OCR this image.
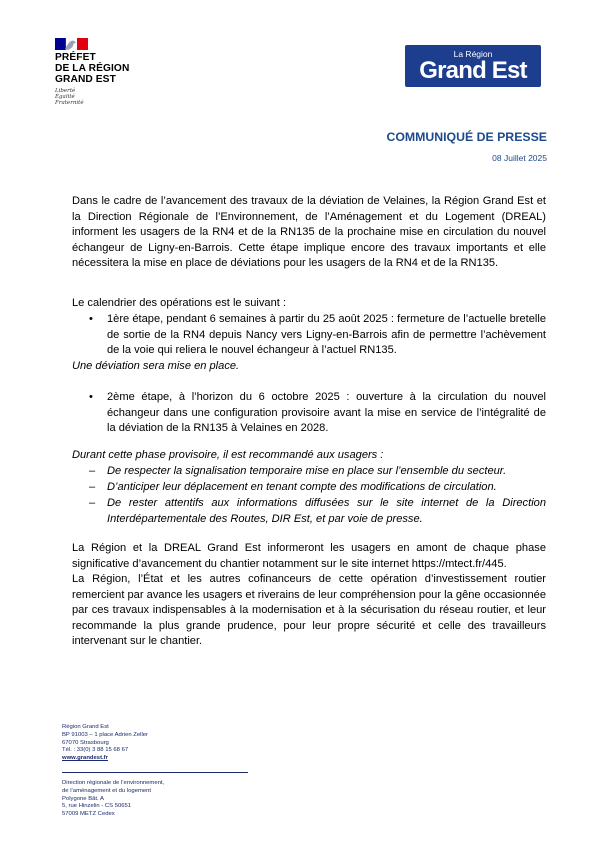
PRÉFET
DE LA RÉGION
GRAND EST
Liberté
Égalité
Fraternité
La Région
Grand Est
COMMUNIQUÉ DE PRESSE
08 Juillet 2025
Dans le cadre de l’avancement des travaux de la déviation de Velaines, la Région Grand Est et la Direction Régionale de l’Environnement, de l’Aménagement et du Logement (DREAL) informent les usagers de la RN4 et de la RN135 de la prochaine mise en circulation du nouvel échangeur de Ligny-en-Barrois. Cette étape implique encore des travaux importants et elle nécessitera la mise en place de déviations pour les usagers de la RN4 et de la RN135.
Le calendrier des opérations est le suivant :
•	1ère étape, pendant 6 semaines à partir du 25 août 2025 : fermeture de l’actuelle bretelle de sortie de la RN4 depuis Nancy vers Ligny-en-Barrois afin de permettre l’achèvement de la voie qui reliera le nouvel échangeur à l’actuel RN135.
Une déviation sera mise en place.
•	2ème étape, à l’horizon du 6 octobre 2025 : ouverture à la circulation du nouvel échangeur dans une configuration provisoire avant la mise en service de l’intégralité de la déviation de la RN135 à Velaines en 2028.
Durant cette phase provisoire, il est recommandé aux usagers :
–	De respecter la signalisation temporaire mise en place sur l’ensemble du secteur.
–	D’anticiper leur déplacement en tenant compte des modifications de circulation.
–	De rester attentifs aux informations diffusées sur le site internet de la Direction Interdépartementale des Routes, DIR Est, et par voie de presse.
La Région et la DREAL Grand Est informeront les usagers en amont de chaque phase significative d’avancement du chantier notamment sur le site internet https://mtect.fr/445.
La Région, l’État et les autres cofinanceurs de cette opération d’investissement routier remercient par avance les usagers et riverains de leur compréhension pour la gêne occasionnée par ces travaux indispensables à la modernisation et à la sécurisation du réseau routier, et leur recommande la plus grande prudence, pour leur propre sécurité et celle des travailleurs intervenant sur le chantier.
Région Grand Est
BP 91003 – 1 place Adrien Zeller
67070 Strasbourg
Tél. : 33(0) 3 88 15 68 67
www.grandest.fr
Direction régionale de l’environnement,
de l’aménagement et du logement
Polygone Bât. A
5, rue Hinzelin - CS 50651
57009 METZ Cedex
